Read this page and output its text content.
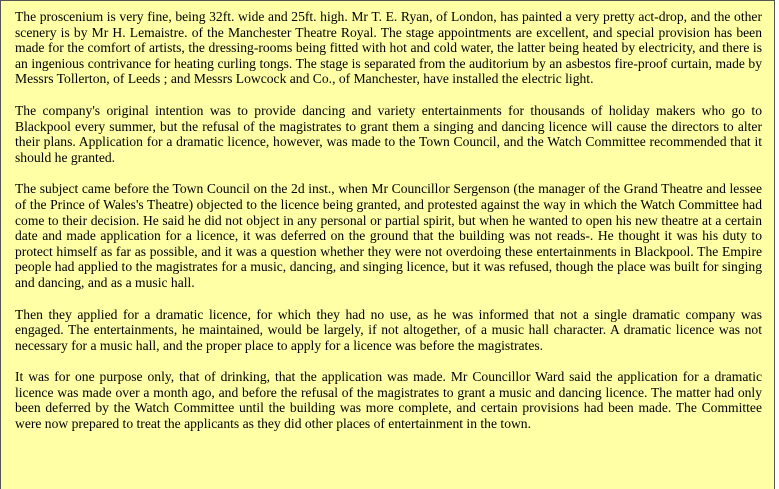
The proscenium is very fine, being 32ft. wide and 25ft. high. Mr T. E. Ryan, of London, has painted a very pretty act-drop, and the other scenery is by Mr H. Lemaistre. of the Manchester Theatre Royal. The stage appointments are excellent, and special provision has been made for the comfort of artists, the dressing-rooms being fitted with hot and cold water, the latter being heated by electricity, and there is an ingenious contrivance for heating curling tongs. The stage is separated from the auditorium by an asbestos fire-proof curtain, made by Messrs Tollerton, of Leeds ; and Messrs Lowcock and Co., of Manchester, have installed the electric light.

The company's original intention was to provide dancing and variety entertainments for thousands of holiday makers who go to Blackpool every summer, but the refusal of the magistrates to grant them a singing and dancing licence will cause the directors to alter their plans. Application for a dramatic licence, however, was made to the Town Council, and the Watch Committee recommended that it should he granted.

The subject came before the Town Council on the 2d inst., when Mr Councillor Sergenson (the manager of the Grand Theatre and lessee of the Prince of Wales's Theatre) objected to the licence being granted, and protested against the way in which the Watch Committee had come to their decision. He said he did not object in any personal or partial spirit, but when he wanted to open his new theatre at a certain date and made application for a licence, it was deferred on the ground that the building was not reads-. He thought it was his duty to protect himself as far as possible, and it was a question whether they were not overdoing these entertainments in Blackpool. The Empire people had applied to the magistrates for a music, dancing, and singing licence, but it was refused, though the place was built for singing and dancing, and as a music hall.

Then they applied for a dramatic licence, for which they had no use, as he was informed that not a single dramatic company was engaged. The entertainments, he maintained, would be largely, if not altogether, of a music hall character. A dramatic licence was not necessary for a music hall, and the proper place to apply for a licence was before the magistrates.

It was for one purpose only, that of drinking, that the application was made. Mr Councillor Ward said the application for a dramatic licence was made over a month ago, and before the refusal of the magistrates to grant a music and dancing licence. The matter had only been deferred by the Watch Committee until the building was more complete, and certain provisions had been made. The Committee were now prepared to treat the applicants as they did other places of entertainment in the town.
